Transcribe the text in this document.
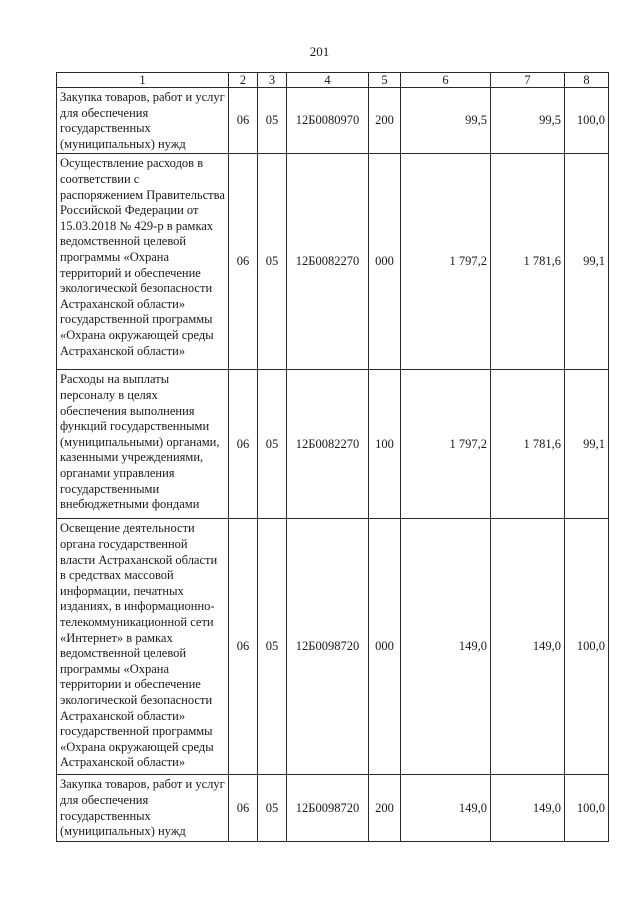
201
1	2	3	4	5	6	7	8
Закупка товаров, работ и услуг для обеспечения государственных (муниципальных) нужд	06	05	12Б0080970	200	99,5	99,5	100,0
Осуществление расходов в соответствии с распоряжением Правительства Российской Федерации от 15.03.2018 № 429-р в рамках ведомственной целевой программы «Охрана территорий и обеспечение экологической безопасности Астраханской области» государственной программы «Охрана окружающей среды Астраханской области»	06	05	12Б0082270	000	1 797,2	1 781,6	99,1
Расходы на выплаты персоналу в целях обеспечения выполнения функций государственными (муниципальными) органами, казенными учреждениями, органами управления государственными внебюджетными фондами	06	05	12Б0082270	100	1 797,2	1 781,6	99,1
Освещение деятельности органа государственной власти Астраханской области в средствах массовой информации, печатных изданиях, в информационно-телекоммуникационной сети «Интернет» в рамках ведомственной целевой программы «Охрана территории и обеспечение экологической безопасности Астраханской области» государственной программы «Охрана окружающей среды Астраханской области»	06	05	12Б0098720	000	149,0	149,0	100,0
Закупка товаров, работ и услуг для обеспечения государственных (муниципальных) нужд	06	05	12Б0098720	200	149,0	149,0	100,0
